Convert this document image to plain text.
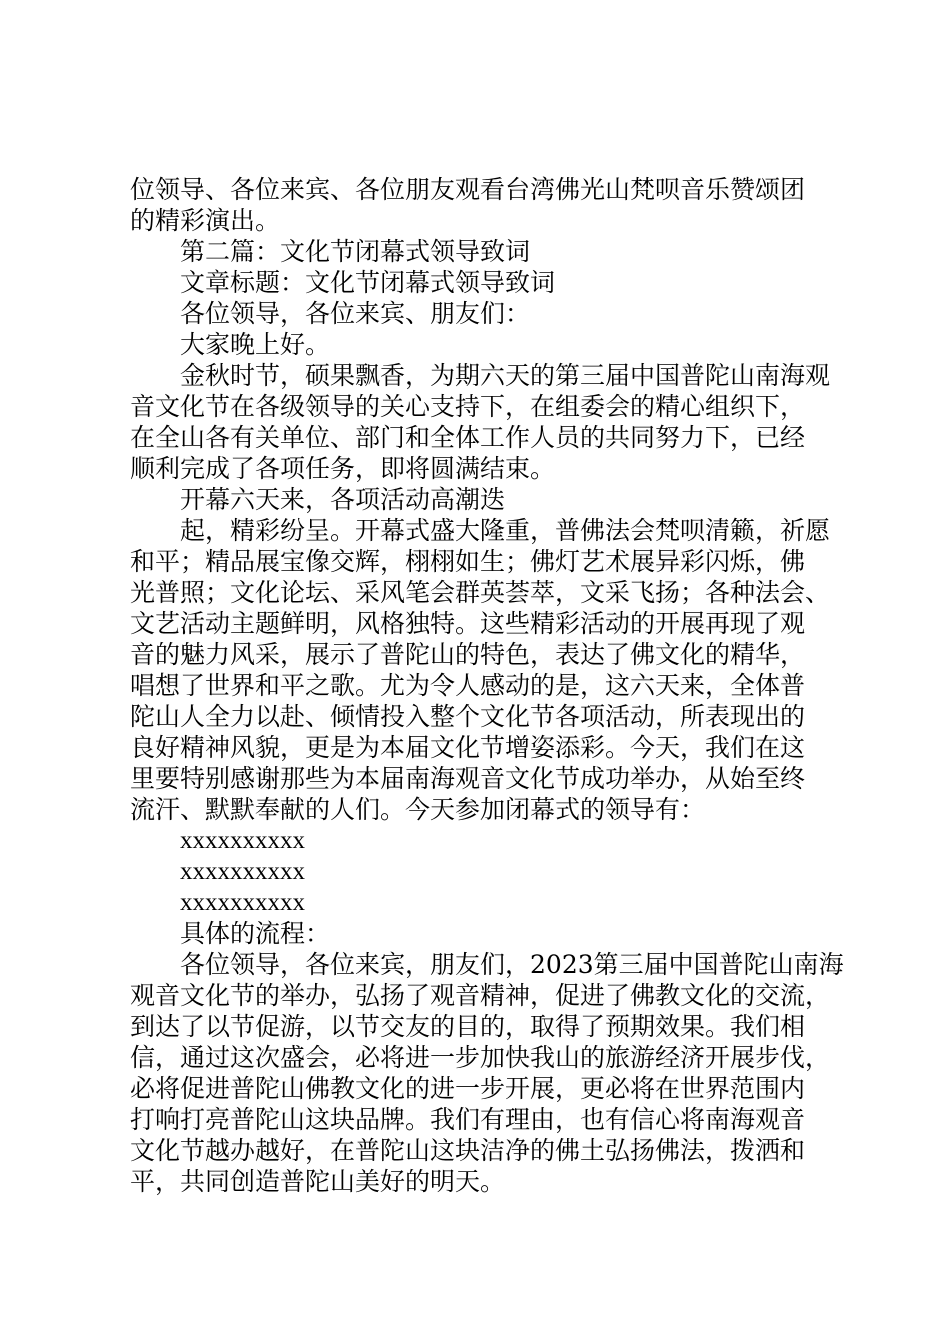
位领导、各位来宾、各位朋友观看台湾佛光山梵呗音乐赞颂团
的精彩演出。
第二篇：文化节闭幕式领导致词
文章标题：文化节闭幕式领导致词
各位领导，各位来宾、朋友们：
大家晚上好。
金秋时节，硕果飘香，为期六天的第三届中国普陀山南海观
音文化节在各级领导的关心支持下，在组委会的精心组织下，
在全山各有关单位、部门和全体工作人员的共同努力下，已经
顺利完成了各项任务，即将圆满结束。
开幕六天来，各项活动高潮迭
起，精彩纷呈。开幕式盛大隆重，普佛法会梵呗清籁，祈愿
和平；精品展宝像交辉，栩栩如生；佛灯艺术展异彩闪烁，佛
光普照；文化论坛、采风笔会群英荟萃，文采飞扬；各种法会、
文艺活动主题鲜明，风格独特。这些精彩活动的开展再现了观
音的魅力风采，展示了普陀山的特色，表达了佛文化的精华，
唱想了世界和平之歌。尤为令人感动的是，这六天来，全体普
陀山人全力以赴、倾情投入整个文化节各项活动，所表现出的
良好精神风貌，更是为本届文化节增姿添彩。今天，我们在这
里要特别感谢那些为本届南海观音文化节成功举办，从始至终
流汗、默默奉献的人们。今天参加闭幕式的领导有：
xxxxxxxxxx
xxxxxxxxxx
xxxxxxxxxx
具体的流程：
各位领导，各位来宾，朋友们，2023第三届中国普陀山南海
观音文化节的举办，弘扬了观音精神，促进了佛教文化的交流，
到达了以节促游，以节交友的目的，取得了预期效果。我们相
信，通过这次盛会，必将进一步加快我山的旅游经济开展步伐，
必将促进普陀山佛教文化的进一步开展，更必将在世界范围内
打响打亮普陀山这块品牌。我们有理由，也有信心将南海观音
文化节越办越好，在普陀山这块洁净的佛土弘扬佛法，拨洒和
平，共同创造普陀山美好的明天。
